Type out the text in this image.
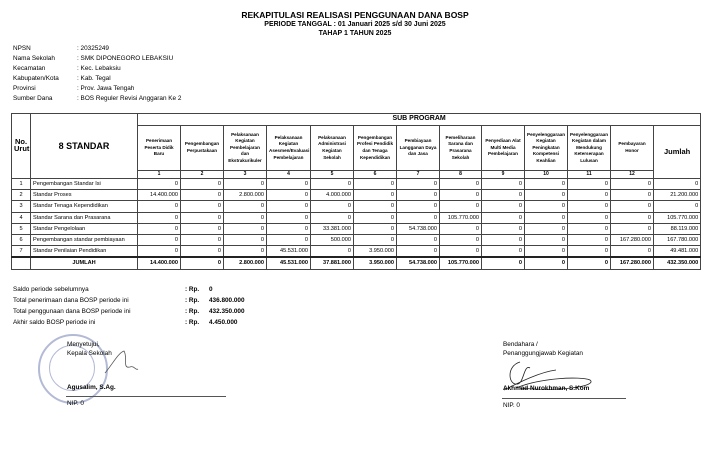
REKAPITULASI REALISASI PENGGUNAAN DANA BOSP
PERIODE TANGGAL : 01 Januari 2025 s/d 30 Juni 2025
TAHAP 1 TAHUN 2025
NPSN	: 20325249
Nama Sekolah	: SMK DIPONEGORO LEBAKSIU
Kecamatan	: Kec. Lebaksiu
Kabupaten/Kota	: Kab. Tegal
Provinsi	: Prov. Jawa Tengah
Sumber Dana	: BOS Reguler Revisi Anggaran Ke 2
No. Urut	8 STANDAR	SUB PROGRAM												
		Penerimaan Peserta Didik Baru	Pengembangan Perpustakaan	Pelaksanaan Kegiatan Pembelajaran dan Ekstrakurikuler	Pelaksanaan Kegiatan Asesmen/Evaluasi Pembelajaran	Pelaksanaan Administrasi Kegiatan Sekolah	Pengembangan Profesi Pendidik dan Tenaga Kependidikan	Pembiayaan Langganan Daya dan Jasa	Pemeliharaan Sarana dan Prasarana Sekolah	Penyediaan Alat Multi Media Pembelajaran	Penyelenggaraan Kegiatan Peningkatan Kompetensi Keahlian	Penyelenggaraan Kegiatan dalam Mendukung Keterserapan Lulusan	Pembayaran Honor	Jumlah
		1	2	3	4	5	6	7	8	9	10	11	12	
1	Pengembangan Standar Isi	0	0	0	0	0	0	0	0	0	0	0	0	0
2	Standar Proses	14.400.000	0	2.800.000	0	4.000.000	0	0	0	0	0	0	0	21.200.000
3	Standar Tenaga Kependidikan	0	0	0	0	0	0	0	0	0	0	0	0	0
4	Standar Sarana dan Prasarana	0	0	0	0	0	0	0	105.770.000	0	0	0	0	105.770.000
5	Standar Pengelolaan	0	0	0	0	33.381.000	0	54.738.000	0	0	0	0	0	88.119.000
6	Pengembangan standar pembiayaan	0	0	0	0	500.000	0	0	0	0	0	0	167.280.000	167.780.000
7	Standar Penilaian Pendidikan	0	0	0	45.531.000	0	3.950.000	0	0	0	0	0	0	49.481.000
	JUMLAH	14.400.000	0	2.800.000	45.531.000	37.881.000	3.950.000	54.738.000	105.770.000	0	0	0	167.280.000	432.350.000
Saldo periode sebelumnya	: Rp.	0
Total penerimaan dana BOSP periode ini	: Rp.	436.800.000
Total penggunaan dana BOSP periode ini	: Rp.	432.350.000
Akhir saldo BOSP periode ini	: Rp.	4.450.000
Menyetujui,
Kepala Sekolah
Agusalim, S.Ag.
NIP. 0
Bendahara /
Penanggungjawab Kegiatan
Akhmad Nurokhman, S.Kom
NIP. 0
